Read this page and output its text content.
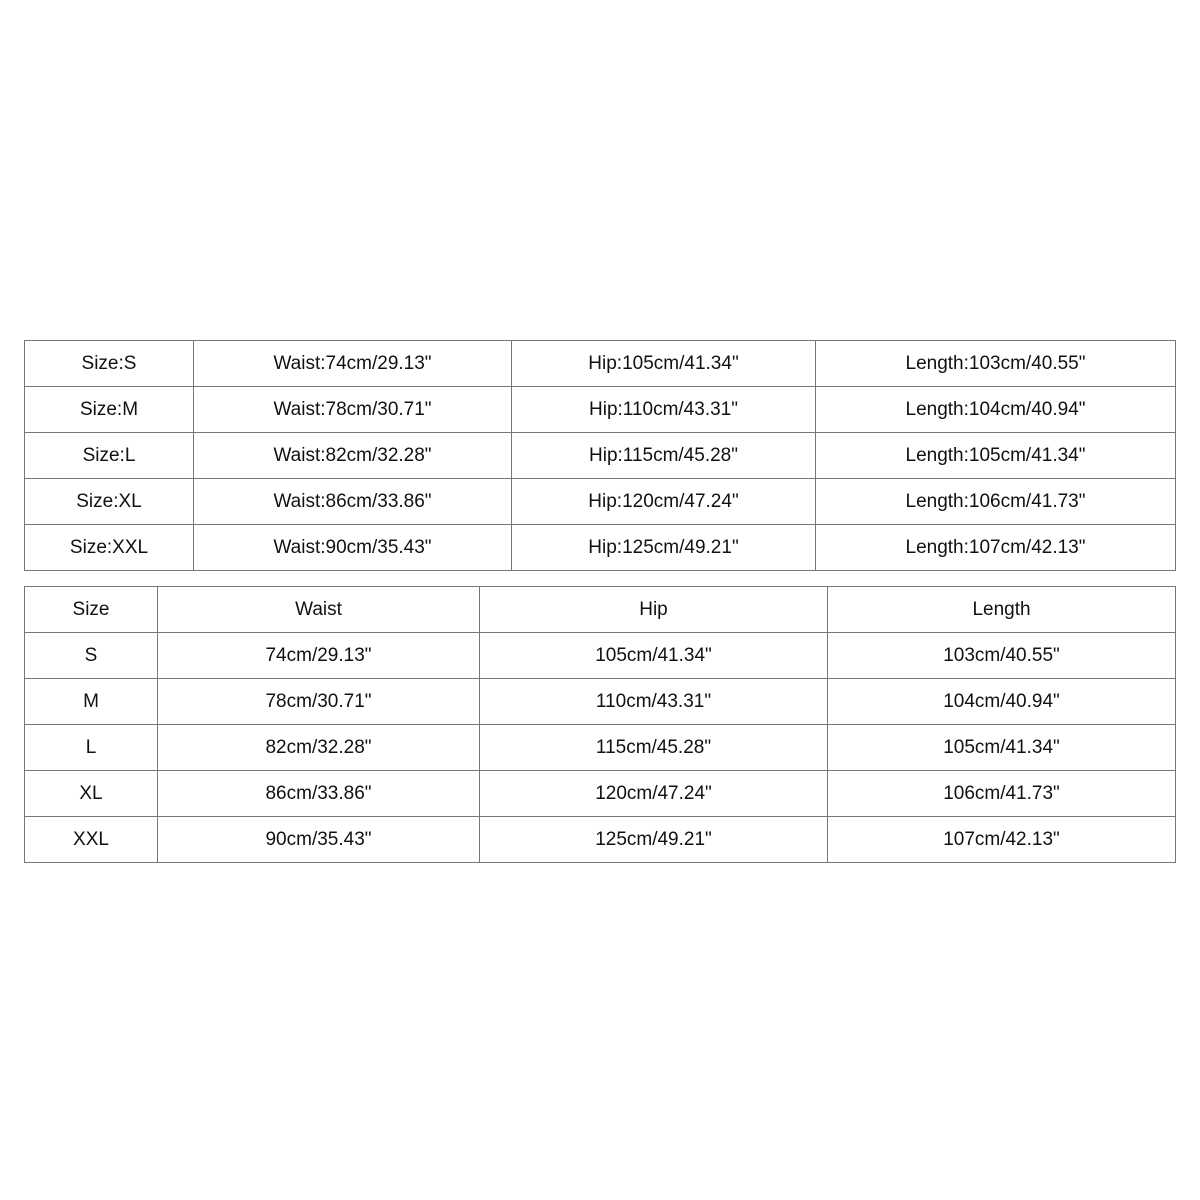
Size:S	Waist:74cm/29.13"	Hip:105cm/41.34"	Length:103cm/40.55"
Size:M	Waist:78cm/30.71"	Hip:110cm/43.31"	Length:104cm/40.94"
Size:L	Waist:82cm/32.28"	Hip:115cm/45.28"	Length:105cm/41.34"
Size:XL	Waist:86cm/33.86"	Hip:120cm/47.24"	Length:106cm/41.73"
Size:XXL	Waist:90cm/35.43"	Hip:125cm/49.21"	Length:107cm/42.13"
Size	Waist	Hip	Length
S	74cm/29.13"	105cm/41.34"	103cm/40.55"
M	78cm/30.71"	110cm/43.31"	104cm/40.94"
L	82cm/32.28"	115cm/45.28"	105cm/41.34"
XL	86cm/33.86"	120cm/47.24"	106cm/41.73"
XXL	90cm/35.43"	125cm/49.21"	107cm/42.13"
